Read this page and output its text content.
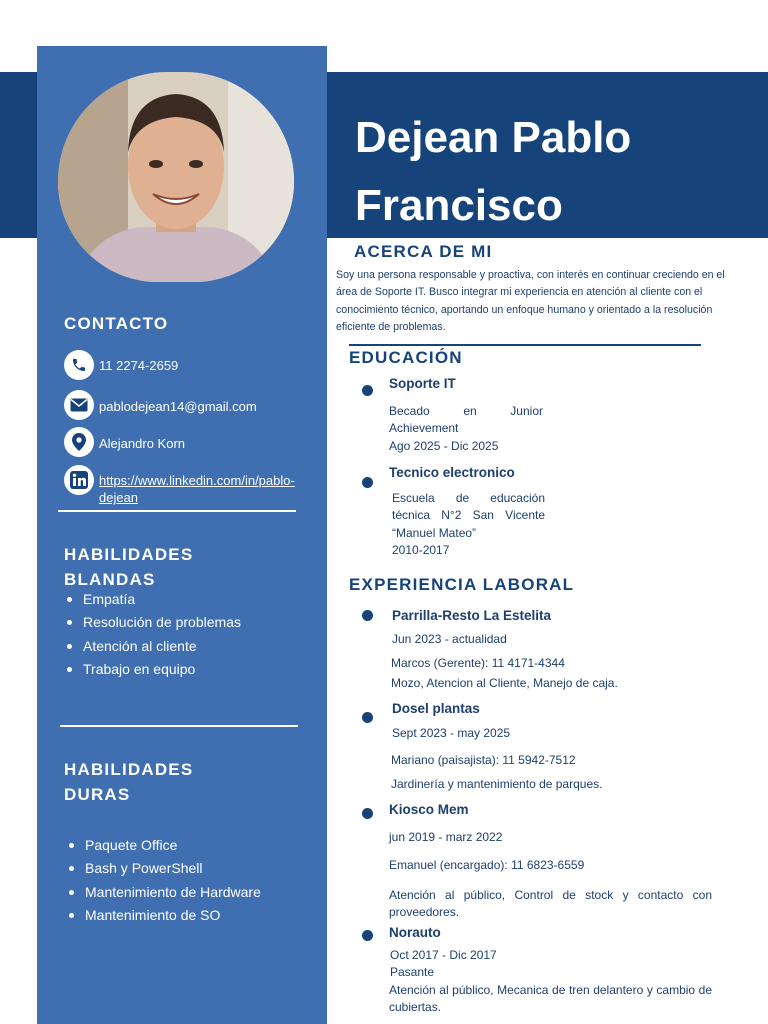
Dejean Pablo
Francisco
CONTACTO
11 2274-2659
pablodejean14@gmail.com
Alejandro Korn
https://www.linkedin.com/in/pablo-dejean
HABILIDADES
BLANDAS
Empatía
Resolución de problemas
Atención al cliente
Trabajo en equipo
HABILIDADES
DURAS
Paquete Office
Bash y PowerShell
Mantenimiento de Hardware
Mantenimiento de SO
ACERCA DE MI

Soy una persona responsable y proactiva, con interés en continuar creciendo en el área de Soporte IT. Busco integrar mi experiencia en atención al cliente con el conocimiento técnico, aportando un enfoque humano y orientado a la resolución eficiente de problemas.

EDUCACIÓN
Soporte IT
Becado en Junior Achievement
Ago 2025 - Dic 2025
Tecnico electronico
Escuela de educación técnica N°2 San Vicente “Manuel Mateo”
2010-2017
EXPERIENCIA LABORAL
Parrilla-Resto La Estelita
Jun 2023 - actualidad
Marcos (Gerente): 11 4171-4344
Mozo, Atencion al Cliente, Manejo de caja.
Dosel plantas
Sept 2023 - may 2025
Mariano (paisajista): 11 5942-7512
Jardinería y mantenimiento de parques.
Kiosco Mem
jun 2019 - marz 2022
Emanuel (encargado): 11 6823-6559
Atención al público, Control de stock y contacto con proveedores.
Norauto
Oct 2017 - Dic 2017
Pasante
Atención al público, Mecanica de tren delantero y cambio de cubiertas.
